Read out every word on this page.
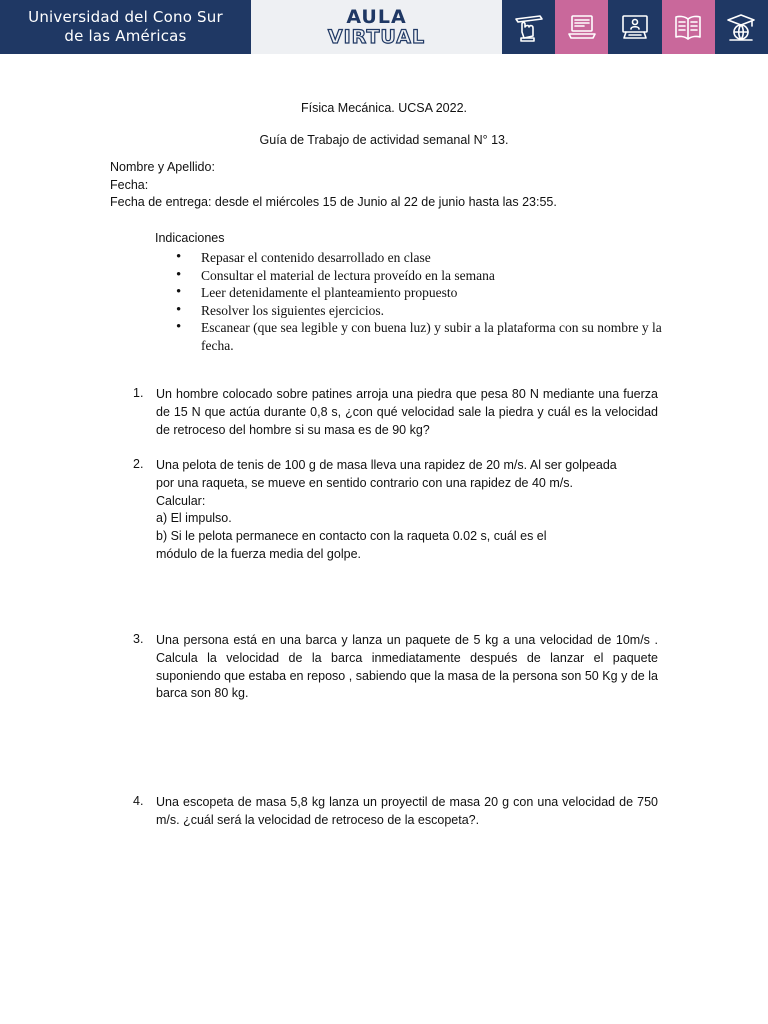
Universidad del Cono Sur
de las Américas
AULA
VIRTUAL
Física Mecánica. UCSA 2022.
Guía de Trabajo de actividad semanal N° 13.
Nombre y Apellido:
Fecha:
Fecha de entrega: desde el miércoles 15 de Junio al 22 de junio hasta las 23:55.
Indicaciones
• Repasar el contenido desarrollado en clase
• Consultar el material de lectura proveído en la semana
• Leer detenidamente el planteamiento propuesto
• Resolver los siguientes ejercicios.
• Escanear (que sea legible y con buena luz) y subir a la plataforma con su nombre y la fecha.
1. Un hombre colocado sobre patines arroja una piedra que pesa 80 N mediante una fuerza de 15 N que actúa durante 0,8 s, ¿con qué velocidad sale la piedra y cuál es la velocidad de retroceso del hombre si su masa es de 90 kg?
2. Una pelota de tenis de 100 g de masa lleva una rapidez de 20 m/s. Al ser golpeada
por una raqueta, se mueve en sentido contrario con una rapidez de 40 m/s.
Calcular:
a) El impulso.
b) Si le pelota permanece en contacto con la raqueta 0.02 s, cuál es el
módulo de la fuerza media del golpe.
3. Una persona está en una barca y lanza un paquete de 5 kg a una velocidad de 10m/s . Calcula la velocidad de la barca inmediatamente después de lanzar el paquete suponiendo que estaba en reposo , sabiendo que la masa de la persona son 50 Kg y de la barca son 80 kg.
4. Una escopeta de masa 5,8 kg lanza un proyectil de masa 20 g con una velocidad de 750 m/s. ¿cuál será la velocidad de retroceso de la escopeta?.
